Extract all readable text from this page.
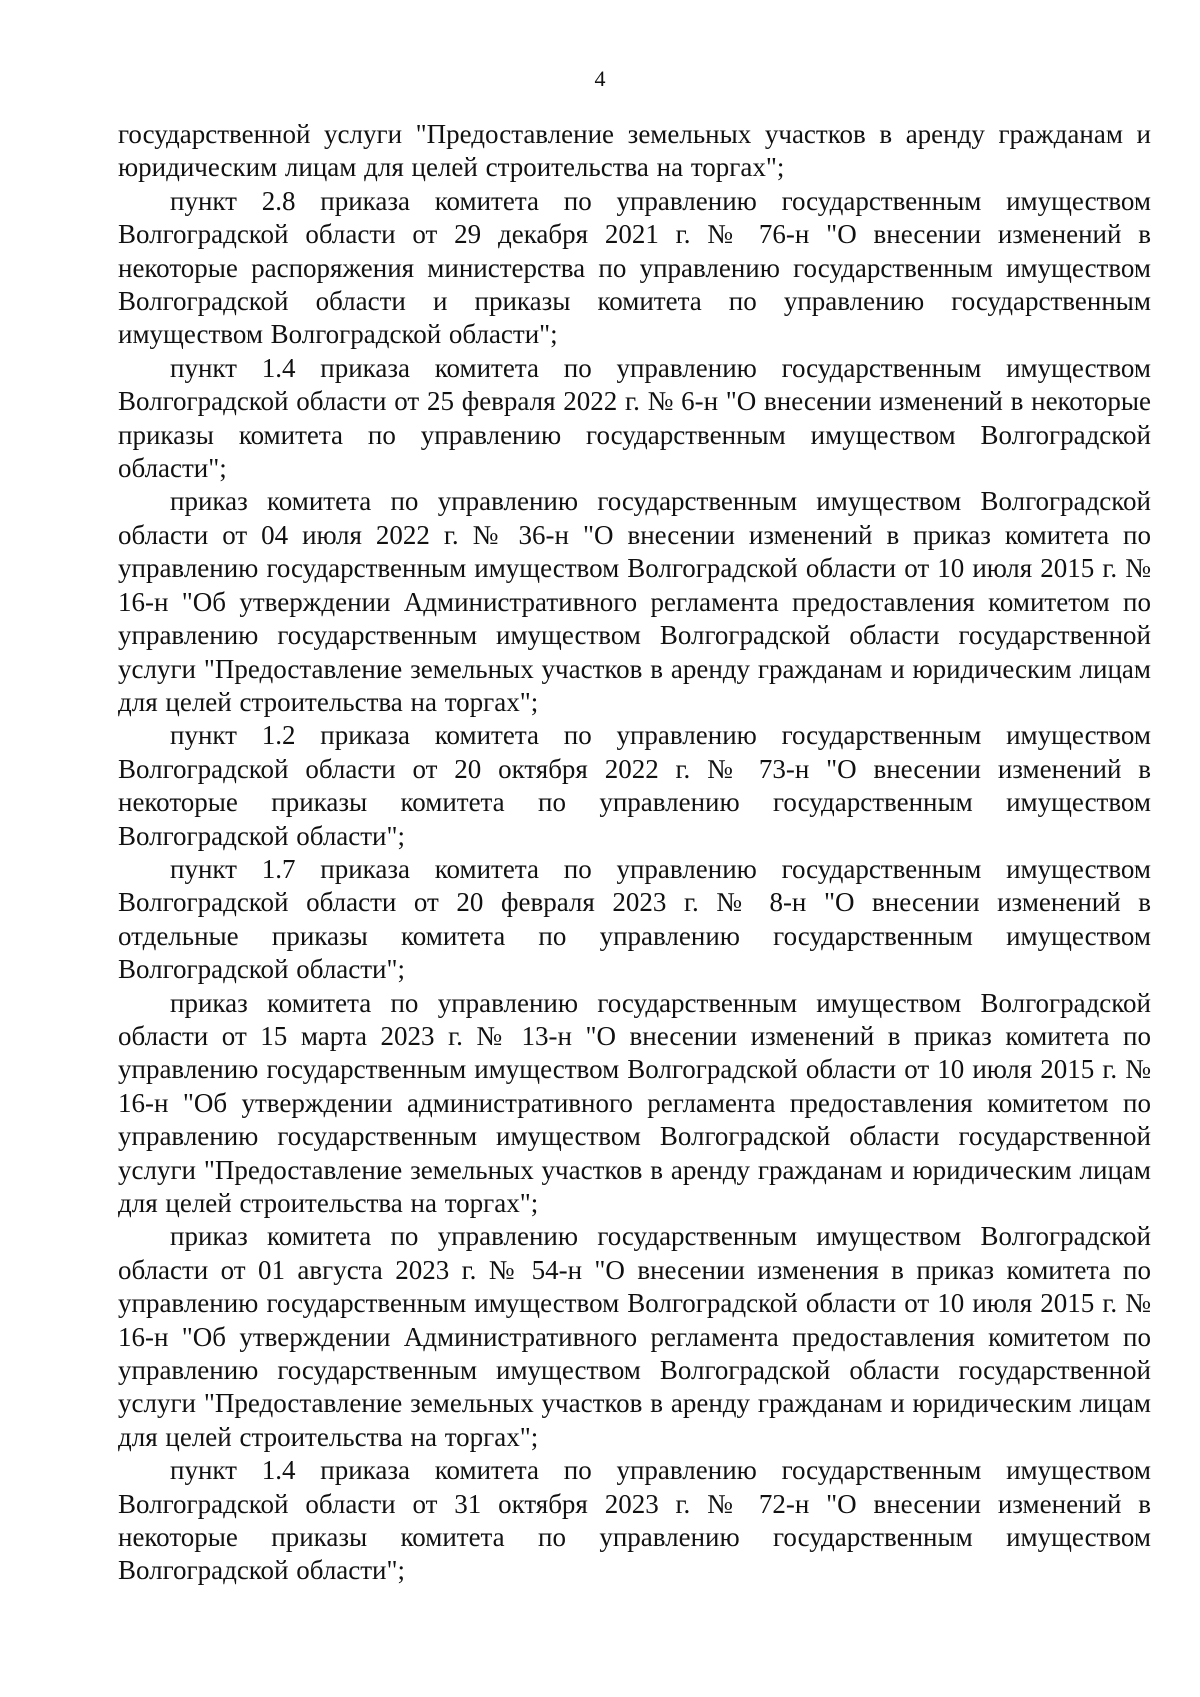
4

государственной услуги "Предоставление земельных участков в аренду гражданам и юридическим лицам для целей строительства на торгах";

пункт 2.8 приказа комитета по управлению государственным имуществом Волгоградской области от 29 декабря 2021 г. № 76-н "О внесении изменений в некоторые распоряжения министерства по управлению государственным имуществом Волгоградской области и приказы комитета по управлению государственным имуществом Волгоградской области";

пункт 1.4 приказа комитета по управлению государственным имуществом Волгоградской области от 25 февраля 2022 г. № 6-н "О внесении изменений в некоторые приказы комитета по управлению государственным имуществом Волгоградской области";

приказ комитета по управлению государственным имуществом Волгоградской области от 04 июля 2022 г. № 36-н "О внесении изменений в приказ комитета по управлению государственным имуществом Волгоградской области от 10 июля 2015 г. № 16-н "Об утверждении Административного регламента предоставления комитетом по управлению государственным имуществом Волгоградской области государственной услуги "Предоставление земельных участков в аренду гражданам и юридическим лицам для целей строительства на торгах";

пункт 1.2 приказа комитета по управлению государственным имуществом Волгоградской области от 20 октября 2022 г. № 73-н "О внесении изменений в некоторые приказы комитета по управлению государственным имуществом Волгоградской области";

пункт 1.7 приказа комитета по управлению государственным имуществом Волгоградской области от 20 февраля 2023 г. № 8-н "О внесении изменений в отдельные приказы комитета по управлению государственным имуществом Волгоградской области";

приказ комитета по управлению государственным имуществом Волгоградской области от 15 марта 2023 г. № 13-н "О внесении изменений в приказ комитета по управлению государственным имуществом Волгоградской области от 10 июля 2015 г. № 16-н "Об утверждении административного регламента предоставления комитетом по управлению государственным имуществом Волгоградской области государственной услуги "Предоставление земельных участков в аренду гражданам и юридическим лицам для целей строительства на торгах";

приказ комитета по управлению государственным имуществом Волгоградской области от 01 августа 2023 г. № 54-н "О внесении изменения в приказ комитета по управлению государственным имуществом Волгоградской области от 10 июля 2015 г. № 16-н "Об утверждении Административного регламента предоставления комитетом по управлению государственным имуществом Волгоградской области государственной услуги "Предоставление земельных участков в аренду гражданам и юридическим лицам для целей строительства на торгах";

пункт 1.4 приказа комитета по управлению государственным имуществом Волгоградской области от 31 октября 2023 г. № 72-н "О внесении изменений в некоторые приказы комитета по управлению государственным имуществом Волгоградской области";
